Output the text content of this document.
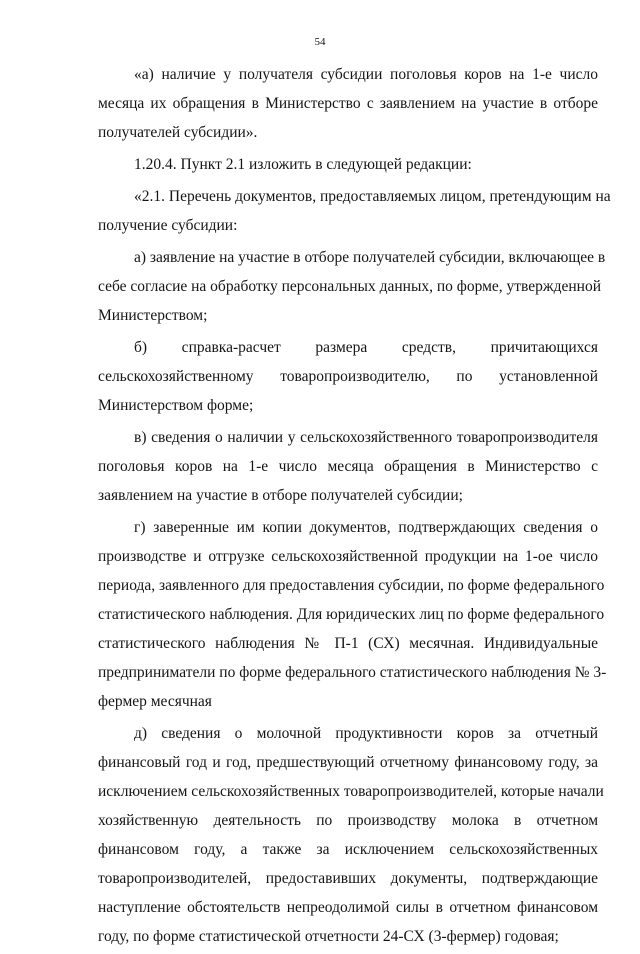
54
«а) наличие у получателя субсидии поголовья коров на 1-е число
месяца их обращения в Министерство с заявлением на участие в отборе
получателей субсидии».
1.20.4. Пункт 2.1 изложить в следующей редакции:
«2.1. Перечень документов, предоставляемых лицом, претендующим на
получение субсидии:
а) заявление на участие в отборе получателей субсидии, включающее в
себе согласие на обработку персональных данных, по форме, утвержденной
Министерством;
б) справка-расчет размера средств, причитающихся
сельскохозяйственному товаропроизводителю, по установленной
Министерством форме;
в) сведения о наличии у сельскохозяйственного товаропроизводителя
поголовья коров на 1-е число месяца обращения в Министерство с
заявлением на участие в отборе получателей субсидии;
г) заверенные им копии документов, подтверждающих сведения о
производстве и отгрузке сельскохозяйственной продукции на 1-ое число
периода, заявленного для предоставления субсидии, по форме федерального
статистического наблюдения. Для юридических лиц по форме федерального
статистического наблюдения № П-1 (СХ) месячная. Индивидуальные
предприниматели по форме федерального статистического наблюдения № 3-
фермер месячная
д) сведения о молочной продуктивности коров за отчетный
финансовый год и год, предшествующий отчетному финансовому году, за
исключением сельскохозяйственных товаропроизводителей, которые начали
хозяйственную деятельность по производству молока в отчетном
финансовом году, а также за исключением сельскохозяйственных
товаропроизводителей, предоставивших документы, подтверждающие
наступление обстоятельств непреодолимой силы в отчетном финансовом
году, по форме статистической отчетности 24-СХ (3-фермер) годовая;
